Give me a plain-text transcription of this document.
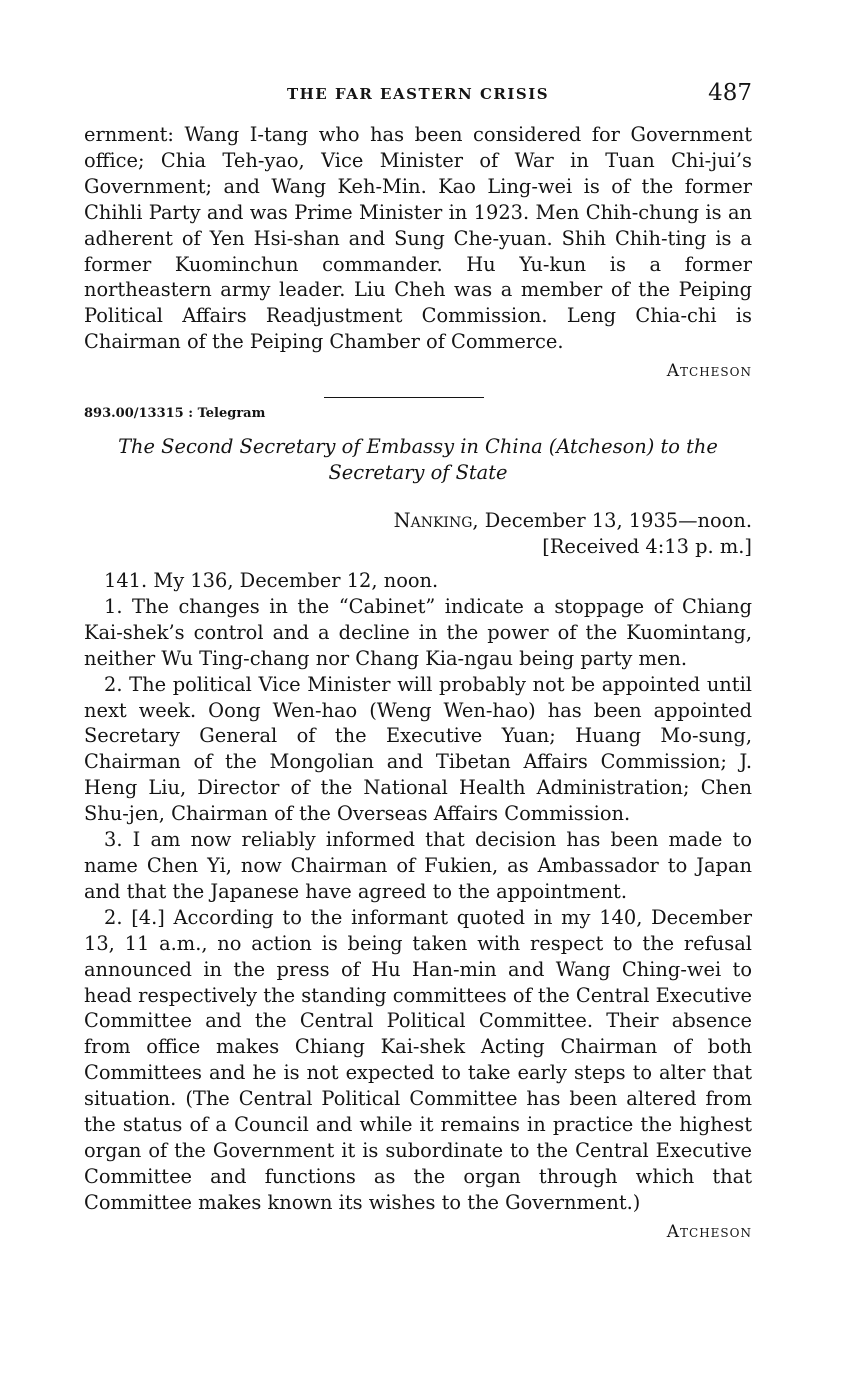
THE FAR EASTERN CRISIS	487

ernment: Wang I-tang who has been considered for Government office; Chia Teh-yao, Vice Minister of War in Tuan Chi-jui’s Government; and Wang Keh-Min. Kao Ling-wei is of the former Chihli Party and was Prime Minister in 1923. Men Chih-chung is an adherent of Yen Hsi-shan and Sung Che-yuan. Shih Chih-ting is a former Kuominchun commander. Hu Yu-kun is a former northeastern army leader. Liu Cheh was a member of the Peiping Political Affairs Readjustment Commission. Leng Chia-chi is Chairman of the Peiping Chamber of Commerce.

Atcheson

893.00/13315 : Telegram
The Second Secretary of Embassy in China (Atcheson) to the
Secretary of State
Nanking, December 13, 1935—noon.
[Received 4:13 p. m.]

141. My 136, December 12, noon.

1. The changes in the “Cabinet” indicate a stoppage of Chiang Kai-shek’s control and a decline in the power of the Kuomintang, neither Wu Ting-chang nor Chang Kia-ngau being party men.

2. The political Vice Minister will probably not be appointed until next week. Oong Wen-hao (Weng Wen-hao) has been appointed Secretary General of the Executive Yuan; Huang Mo-sung, Chairman of the Mongolian and Tibetan Affairs Commission; J. Heng Liu, Director of the National Health Administration; Chen Shu-jen, Chairman of the Overseas Affairs Commission.

3. I am now reliably informed that decision has been made to name Chen Yi, now Chairman of Fukien, as Ambassador to Japan and that the Japanese have agreed to the appointment.

2. [4.] According to the informant quoted in my 140, December 13, 11 a.m., no action is being taken with respect to the refusal announced in the press of Hu Han-min and Wang Ching-wei to head respectively the standing committees of the Central Executive Committee and the Central Political Committee. Their absence from office makes Chiang Kai-shek Acting Chairman of both Committees and he is not expected to take early steps to alter that situation. (The Central Political Committee has been altered from the status of a Council and while it remains in practice the highest organ of the Government it is subordinate to the Central Executive Committee and functions as the organ through which that Committee makes known its wishes to the Government.)

Atcheson
